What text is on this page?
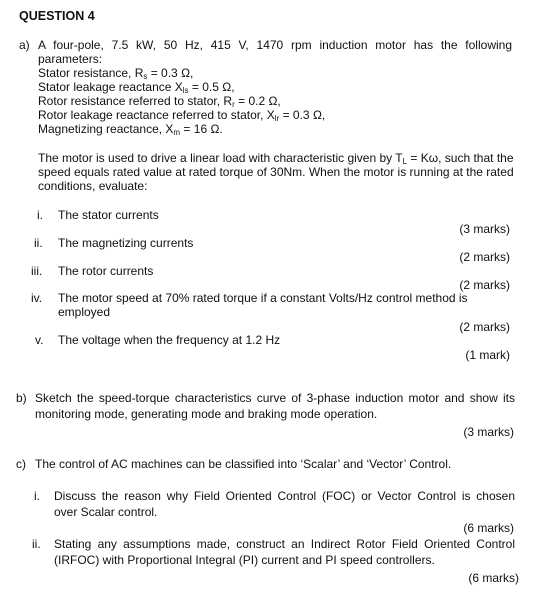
QUESTION 4
a) A four-pole, 7.5 kW, 50 Hz, 415 V, 1470 rpm induction motor has the following
parameters:
Stator resistance, $R_s = 0.3$ Ω,
Stator leakage reactance $X_{ls} = 0.5$ Ω,
Rotor resistance referred to stator, $R_r = 0.2$ Ω,
Rotor leakage reactance referred to stator, $X_{lr} = 0.3$ Ω,
Magnetizing reactance, $X_m = 16$ Ω.
The motor is used to drive a linear load with characteristic given by $T_L = K\omega$, such that the
speed equals rated value at rated torque of 30Nm. When the motor is running at the rated
conditions, evaluate:
i. The stator currents
(3 marks)
ii. The magnetizing currents
(2 marks)
iii. The rotor currents
(2 marks)
iv. The motor speed at 70% rated torque if a constant Volts/Hz control method is
employed
(2 marks)
v. The voltage when the frequency at 1.2 Hz
(1 mark)
b) Sketch the speed-torque characteristics curve of 3-phase induction motor and show its
monitoring mode, generating mode and braking mode operation.
(3 marks)
c) The control of AC machines can be classified into ‘Scalar’ and ‘Vector’ Control.
i. Discuss the reason why Field Oriented Control (FOC) or Vector Control is chosen
over Scalar control.
(6 marks)
ii. Stating any assumptions made, construct an Indirect Rotor Field Oriented Control
(IRFOC) with Proportional Integral (PI) current and PI speed controllers.
(6 marks)
